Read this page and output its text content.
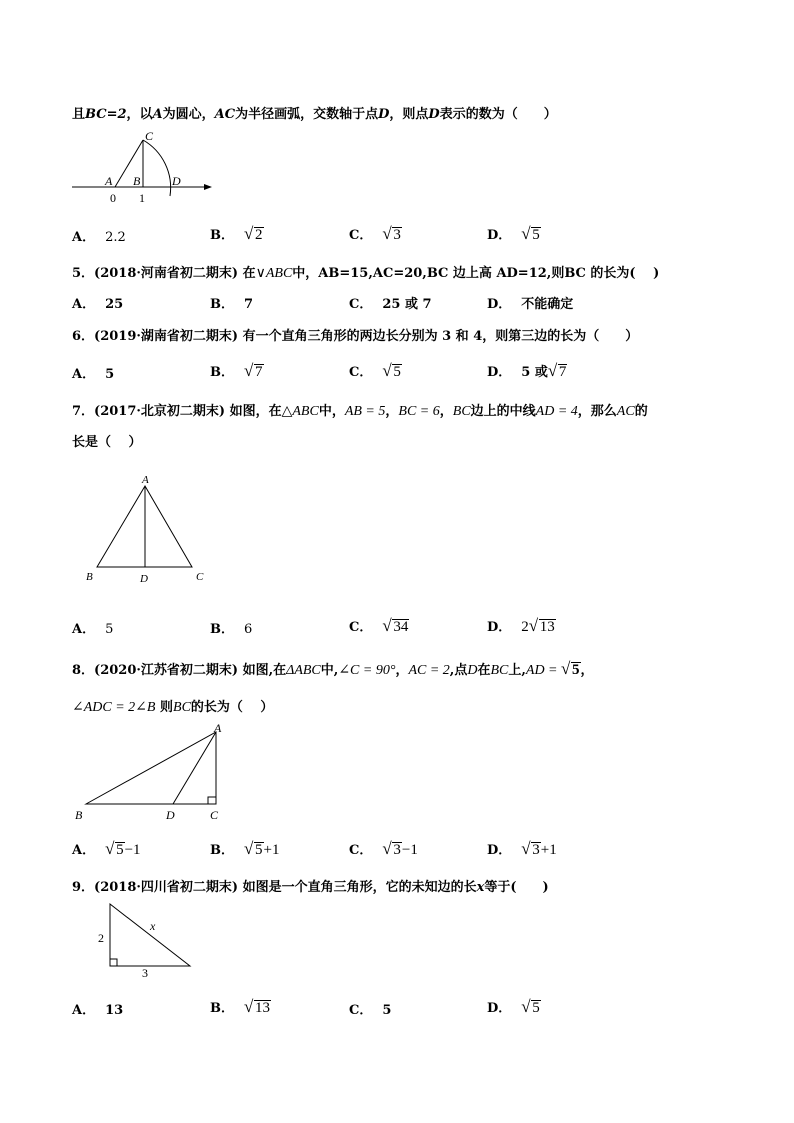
且BC=2，以A为圆心，AC为半径画弧，交数轴于点D，则点D表示的数为（　　）
C
A B	D
0 1
A． 2.2	B． √ 2	C． √ 3	D． √ 5
5．(2018·河南省初二期末) 在∨ABC中，AB=15,AC=20,BC 边上高 AD=12,则BC 的长为(　 )
A． 25	B． 7	C． 25 或 7	D． 不能确定
6．(2019·湖南省初二期末) 有一个直角三角形的两边长分别为 3 和 4，则第三边的长为（　　）
A． 5	B． √ 7	C． √ 5	D． 5 或 √ 7
7．(2017·北京初二期末) 如图，在△ABC中，AB = 5，BC = 6，BC边上的中线AD = 4，那么AC的
长是（　 ）
A
B	D	C
A． 5	B． 6	C． √ 34	D． 2 √ 13
8．(2020·江苏省初二期末) 如图,在ΔABC中,∠C = 90°，AC = 2,点D在BC上,AD = √ 5，
∠ADC = 2∠B 则BC的长为（　 ）
A
B	D	C
A． √ 5−1	B． √ 5+1	C． √ 3−1	D． √ 3+1
9．(2018·四川省初二期末) 如图是一个直角三角形，它的未知边的长x等于(　　)
2
3
x
A． 13	B． √ 13	C． 5	D． √ 5
